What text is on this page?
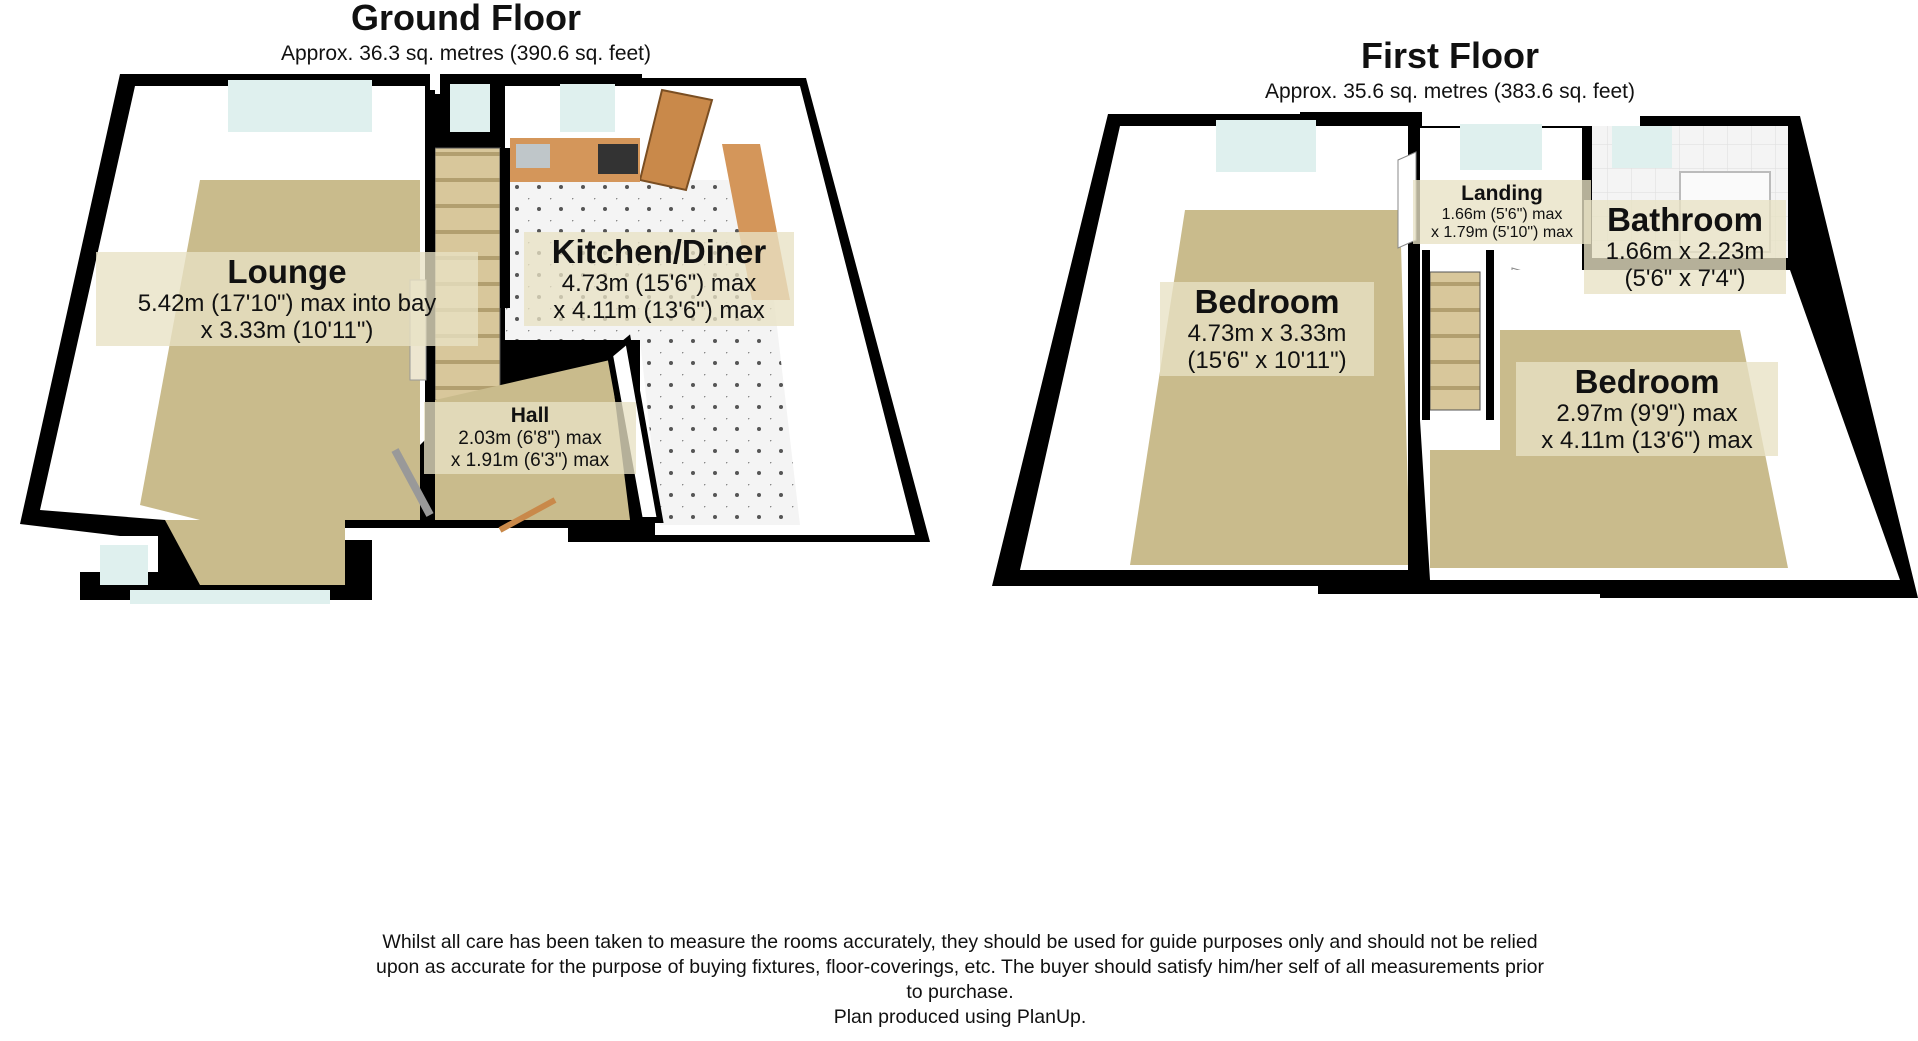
Ground Floor
Approx. 36.3 sq. metres (390.6 sq. feet)
Lounge
5.42m (17'10") max into bay
x 3.33m (10'11")
Kitchen/Diner
4.73m (15'6") max
x 4.11m (13'6") max
Hall
2.03m (6'8") max
x 1.91m (6'3") max
First Floor
Approx. 35.6 sq. metres (383.6 sq. feet)
Bedroom
4.73m x 3.33m
(15'6" x 10'11")
Landing
1.66m (5'6") max
x 1.79m (5'10") max	Bathroom
1.66m x 2.23m
(5'6" x 7'4")
Bedroom
2.97m (9'9") max
x 4.11m (13'6") max
Whilst all care has been taken to measure the rooms accurately, they should be used for guide purposes only and should not be relied
upon as accurate for the purpose of buying fixtures, floor-coverings, etc. The buyer should satisfy him/her self of all measurements prior
to purchase.
Plan produced using PlanUp.
